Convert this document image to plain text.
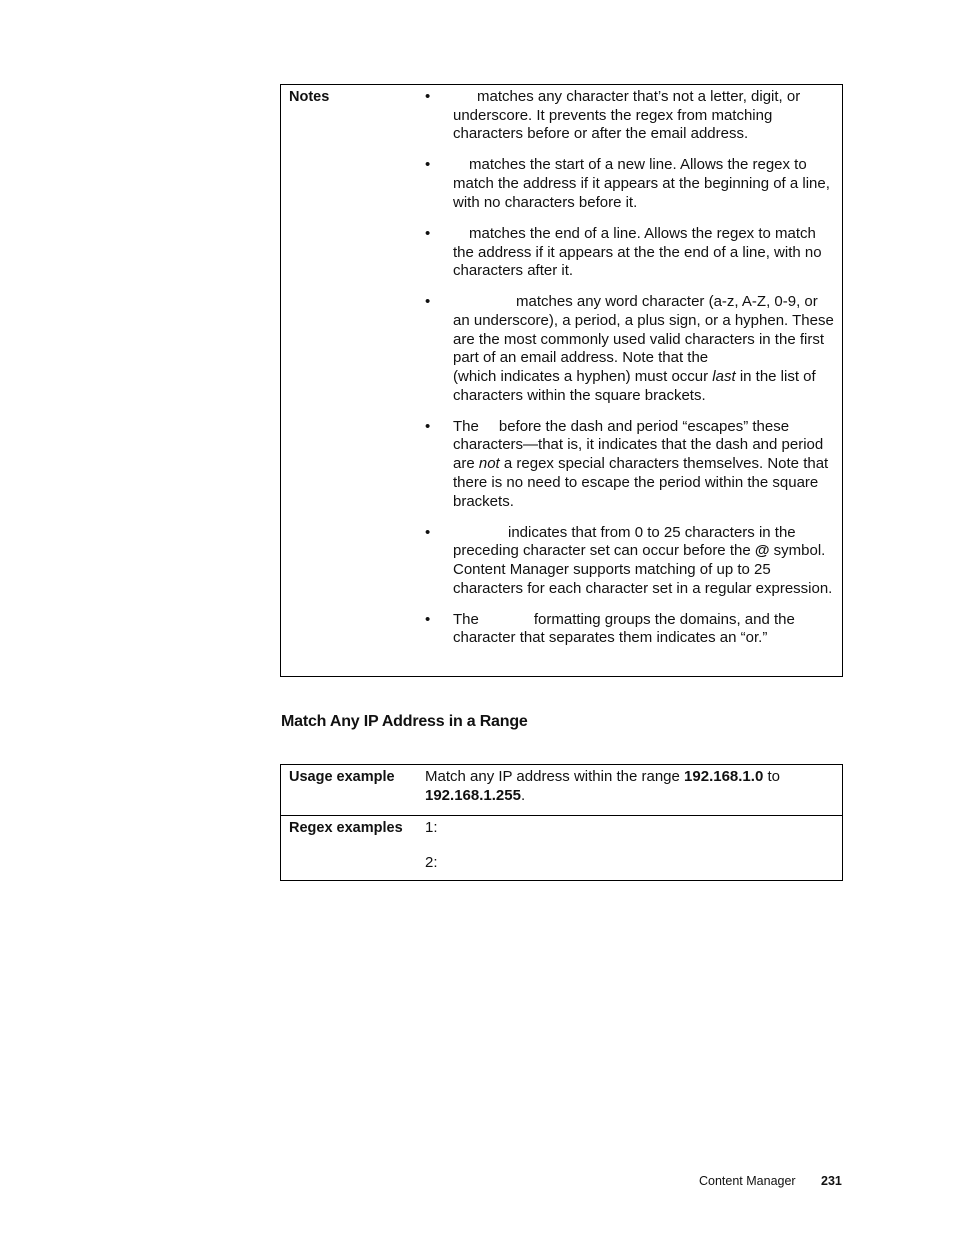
Notes	•	matches any character that’s not a letter, digit, or underscore. It prevents the regex from matching characters before or after the email address.
•	matches the start of a new line. Allows the regex to match the address if it appears at the beginning of a line, with no characters before it.
•	matches the end of a line. Allows the regex to match the address if it appears at the the end of a line, with no characters after it.
•	matches any word character (a-z, A-Z, 0-9, or an underscore), a period, a plus sign, or a hyphen. These are the most commonly used valid characters in the first part of an email address. Note that the
(which indicates a hyphen) must occur last in the list of characters within the square brackets.
•	The before the dash and period “escapes” these characters—that is, it indicates that the dash and period are not a regex special characters themselves. Note that there is no need to escape the period within the square brackets.
•	indicates that from 0 to 25 characters in the preceding character set can occur before the @ symbol. Content Manager supports matching of up to 25 characters for each character set in a regular expression.
•	The	formatting groups the domains, and the character that separates them indicates an “or.”
Match Any IP Address in a Range
Usage example	Match any IP address within the range 192.168.1.0 to
192.168.1.255.
Regex examples	1:
2:
Content Manager 231
